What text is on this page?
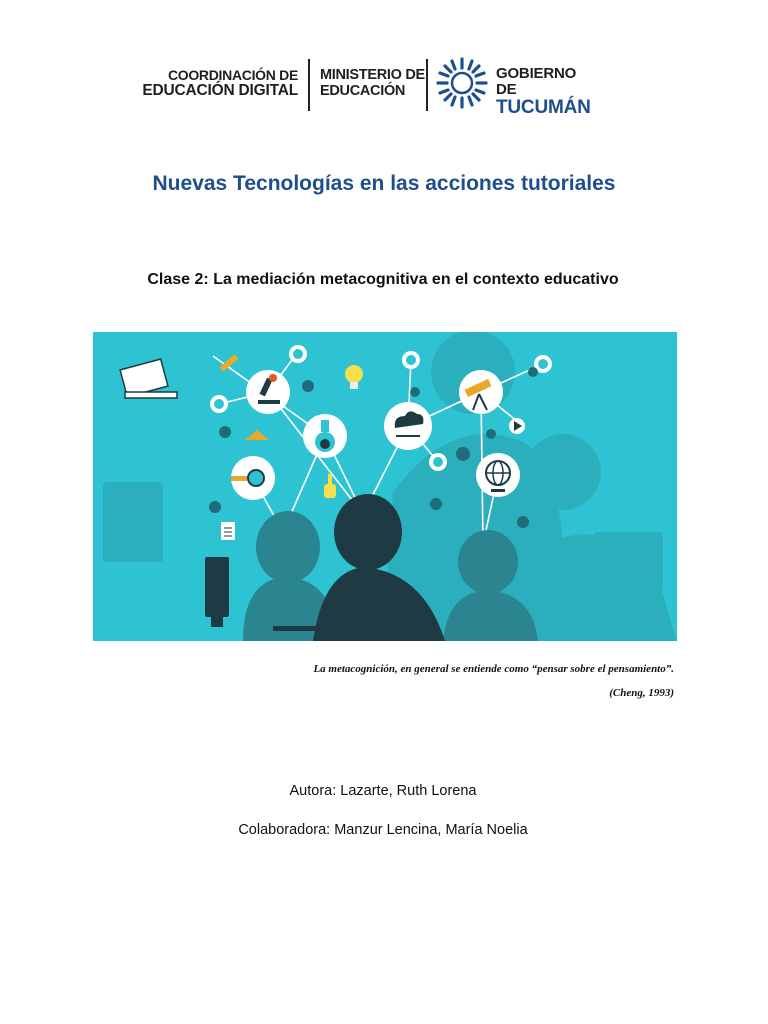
COORDINACIÓN DE
EDUCACIÓN DIGITAL
MINISTERIO DE
EDUCACIÓN
GOBIERNO DE
TUCUMÁN
Nuevas Tecnologías en las acciones tutoriales
Clase 2: La mediación metacognitiva en el contexto educativo
La metacognición, en general se entiende como “pensar sobre el pensamiento”.
(Cheng, 1993)
Autora: Lazarte, Ruth Lorena
Colaboradora: Manzur Lencina, María Noelia
